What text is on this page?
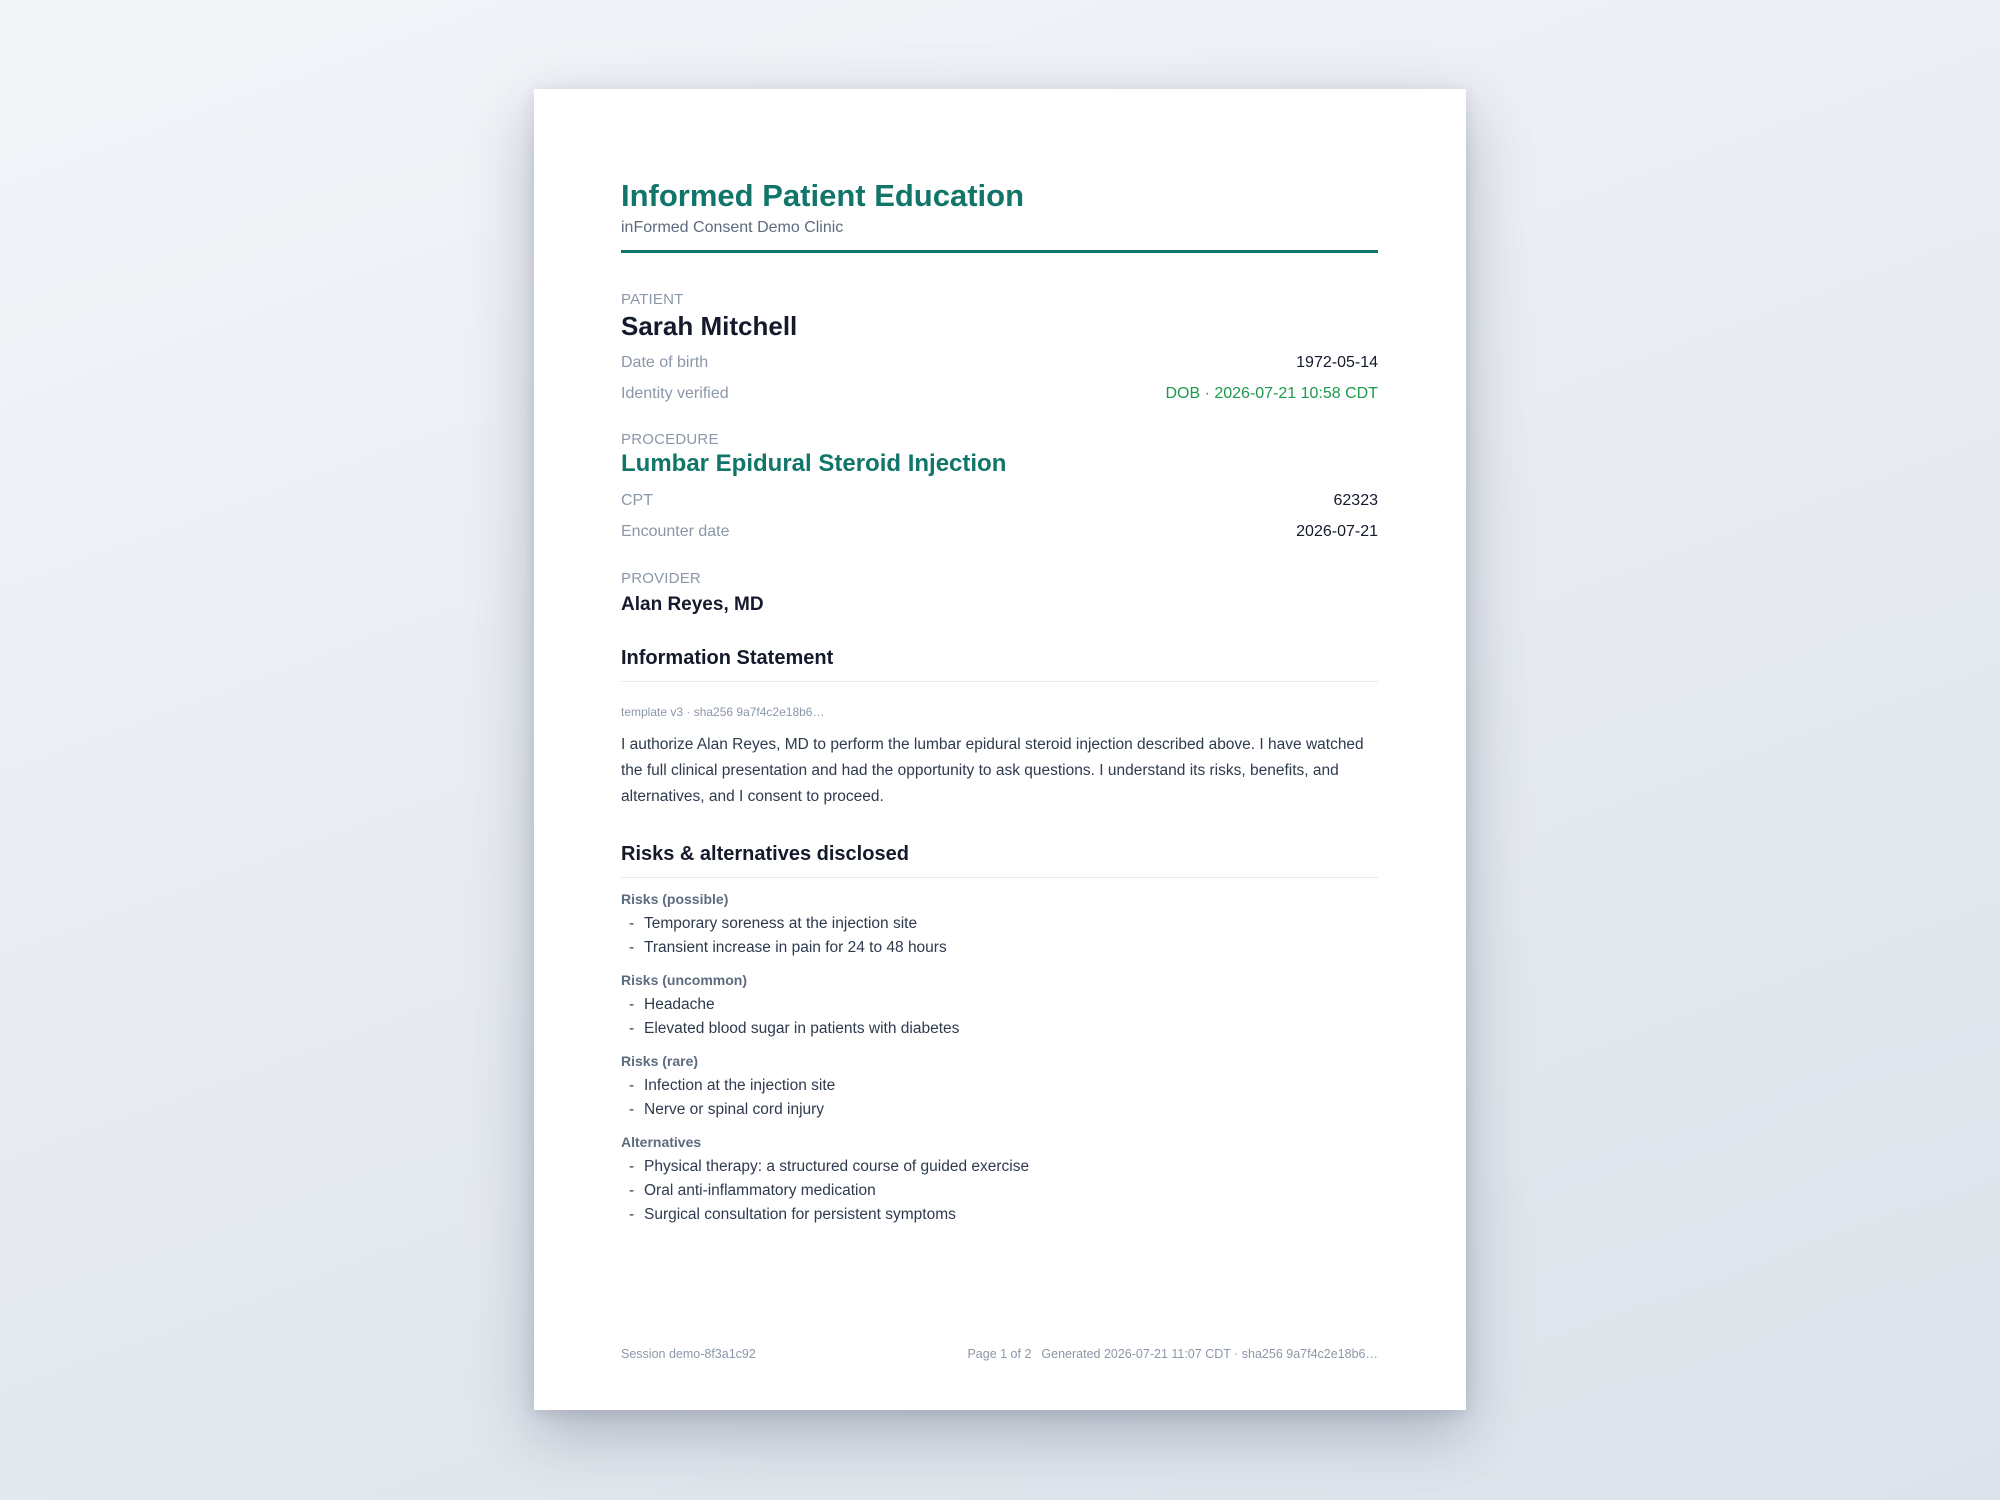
Informed Patient Education
inFormed Consent Demo Clinic
PATIENT
Sarah Mitchell
Date of birth	1972-05-14
Identity verified	DOB · 2026-07-21 10:58 CDT
PROCEDURE
Lumbar Epidural Steroid Injection
CPT	62323
Encounter date	2026-07-21
PROVIDER
Alan Reyes, MD
Information Statement
template v3 · sha256 9a7f4c2e18b6…
I authorize Alan Reyes, MD to perform the lumbar epidural steroid injection described above. I have watched the full clinical presentation and had the opportunity to ask questions. I understand its risks, benefits, and alternatives, and I consent to proceed.
Risks & alternatives disclosed
Risks (possible)
- Temporary soreness at the injection site
- Transient increase in pain for 24 to 48 hours
Risks (uncommon)
- Headache
- Elevated blood sugar in patients with diabetes
Risks (rare)
- Infection at the injection site
- Nerve or spinal cord injury
Alternatives
- Physical therapy: a structured course of guided exercise
- Oral anti-inflammatory medication
- Surgical consultation for persistent symptoms
Session demo-8f3a1c92	Page 1 of 2 Generated 2026-07-21 11:07 CDT · sha256 9a7f4c2e18b6…
